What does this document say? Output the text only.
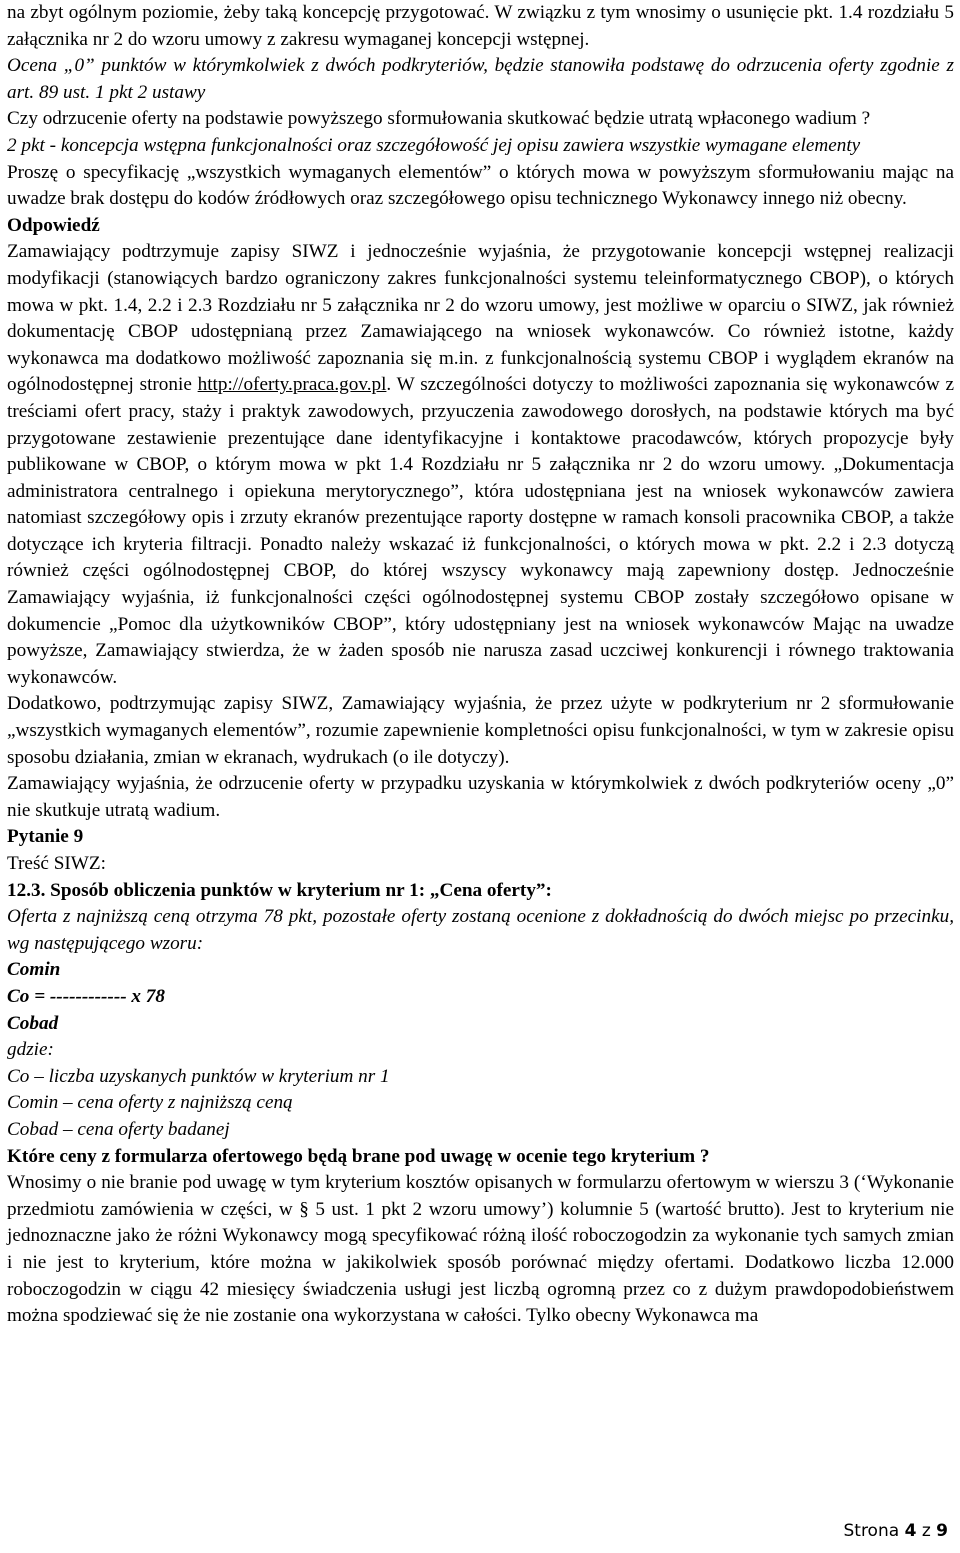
na zbyt ogólnym poziomie, żeby taką koncepcję przygotować. W związku z tym wnosimy o usunięcie pkt. 1.4 rozdziału 5 załącznika nr 2 do wzoru umowy z zakresu wymaganej koncepcji wstępnej.

Ocena „0” punktów w którymkolwiek z dwóch podkryteriów, będzie stanowiła podstawę do odrzucenia oferty zgodnie z art. 89 ust. 1 pkt 2 ustawy

Czy odrzucenie oferty na podstawie powyższego sformułowania skutkować będzie utratą wpłaconego wadium ?

2 pkt - koncepcja wstępna funkcjonalności oraz szczegółowość jej opisu zawiera wszystkie wymagane elementy

Proszę o specyfikację „wszystkich wymaganych elementów” o których mowa w powyższym sformułowaniu mając na uwadze brak dostępu do kodów źródłowych oraz szczegółowego opisu technicznego Wykonawcy innego niż obecny.

Odpowiedź

Zamawiający podtrzymuje zapisy SIWZ i jednocześnie wyjaśnia, że przygotowanie koncepcji wstępnej realizacji modyfikacji (stanowiących bardzo ograniczony zakres funkcjonalności systemu teleinformatycznego CBOP), o których mowa w pkt. 1.4, 2.2 i 2.3 Rozdziału nr 5 załącznika nr 2 do wzoru umowy, jest możliwe w oparciu o SIWZ, jak również dokumentację CBOP udostępnianą przez Zamawiającego na wniosek wykonawców. Co również istotne, każdy wykonawca ma dodatkowo możliwość zapoznania się m.in. z funkcjonalnością systemu CBOP i wyglądem ekranów na ogólnodostępnej stronie http://oferty.praca.gov.pl. W szczególności dotyczy to możliwości zapoznania się wykonawców z treściami ofert pracy, staży i praktyk zawodowych, przyuczenia zawodowego dorosłych, na podstawie których ma być przygotowane zestawienie prezentujące dane identyfikacyjne i kontaktowe pracodawców, których propozycje były publikowane w CBOP, o którym mowa w pkt 1.4 Rozdziału nr 5 załącznika nr 2 do wzoru umowy. „Dokumentacja administratora centralnego i opiekuna merytorycznego”, która udostępniana jest na wniosek wykonawców zawiera natomiast szczegółowy opis i zrzuty ekranów prezentujące raporty dostępne w ramach konsoli pracownika CBOP, a także dotyczące ich kryteria filtracji. Ponadto należy wskazać iż funkcjonalności, o których mowa w pkt. 2.2 i 2.3 dotyczą również części ogólnodostępnej CBOP, do której wszyscy wykonawcy mają zapewniony dostęp. Jednocześnie Zamawiający wyjaśnia, iż funkcjonalności części ogólnodostępnej systemu CBOP zostały szczegółowo opisane w dokumencie „Pomoc dla użytkowników CBOP”, który udostępniany jest na wniosek wykonawców Mając na uwadze powyższe, Zamawiający stwierdza, że w żaden sposób nie narusza zasad uczciwej konkurencji i równego traktowania wykonawców.

Dodatkowo, podtrzymując zapisy SIWZ, Zamawiający wyjaśnia, że przez użyte w podkryterium nr 2 sformułowanie „wszystkich wymaganych elementów”, rozumie zapewnienie kompletności opisu funkcjonalności, w tym w zakresie opisu sposobu działania, zmian w ekranach, wydrukach (o ile dotyczy).

Zamawiający wyjaśnia, że odrzucenie oferty w przypadku uzyskania w którymkolwiek z dwóch podkryteriów oceny „0” nie skutkuje utratą wadium.

Pytanie 9

Treść SIWZ:

12.3. Sposób obliczenia punktów w kryterium nr 1: „Cena oferty”:

Oferta z najniższą ceną otrzyma 78 pkt, pozostałe oferty zostaną ocenione z dokładnością do dwóch miejsc po przecinku, wg następującego wzoru:

Comin

Co = ------------ x 78

Cobad

gdzie:

Co – liczba uzyskanych punktów w kryterium nr 1

Comin – cena oferty z najniższą ceną

Cobad – cena oferty badanej

Które ceny z formularza ofertowego będą brane pod uwagę w ocenie tego kryterium ?

Wnosimy o nie branie pod uwagę w tym kryterium kosztów opisanych w formularzu ofertowym w wierszu 3 (‘Wykonanie przedmiotu zamówienia w części, w § 5 ust. 1 pkt 2 wzoru umowy’) kolumnie 5 (wartość brutto). Jest to kryterium nie jednoznaczne jako że różni Wykonawcy mogą specyfikować różną ilość roboczogodzin za wykonanie tych samych zmian i nie jest to kryterium, które można w jakikolwiek sposób porównać między ofertami. Dodatkowo liczba 12.000 roboczogodzin w ciągu 42 miesięcy świadczenia usługi jest liczbą ogromną przez co z dużym prawdopodobieństwem można spodziewać się że nie zostanie ona wykorzystana w całości. Tylko obecny Wykonawca ma

Strona 4 z 9
